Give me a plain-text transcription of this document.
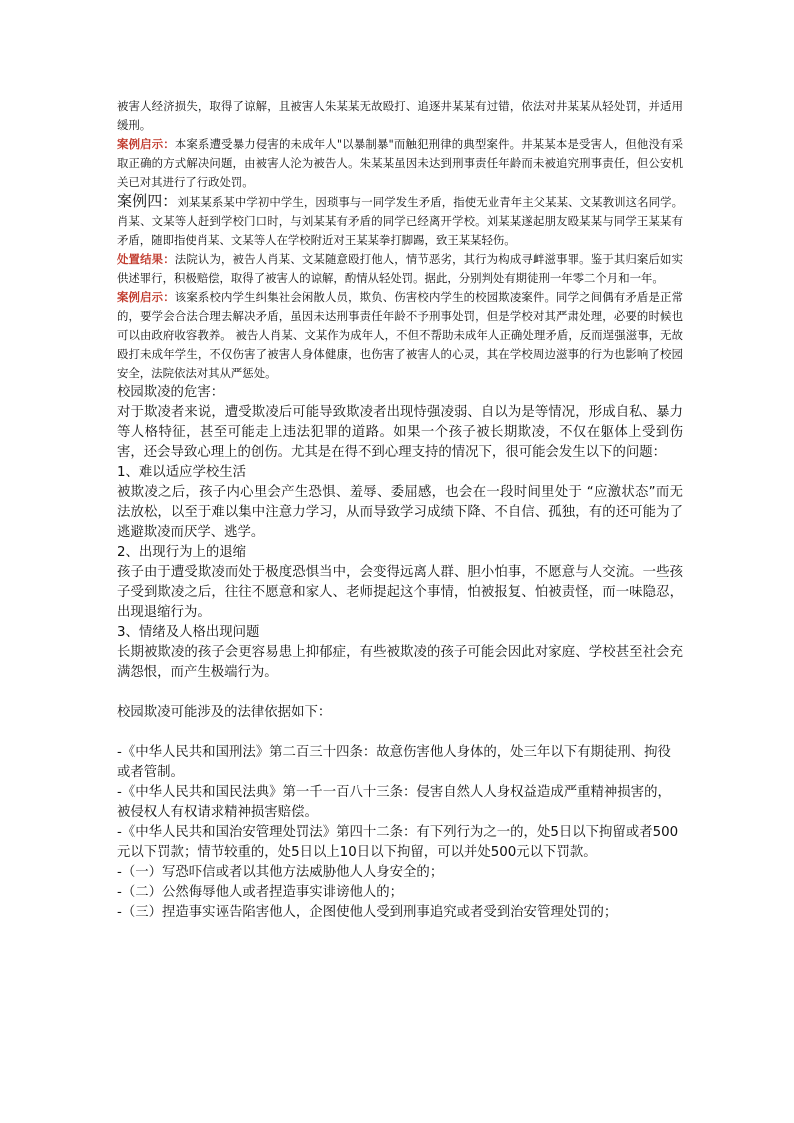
被害人经济损失，取得了谅解，且被害人朱某某无故殴打、追逐井某某有过错，依法对井某某从轻处罚，并适用缓刑。

案例启示：本案系遭受暴力侵害的未成年人"以暴制暴"而触犯刑律的典型案件。井某某本是受害人，但他没有采取正确的方式解决问题，由被害人沦为被告人。朱某某虽因未达到刑事责任年龄而未被追究刑事责任，但公安机关已对其进行了行政处罚。

案例四：刘某某系某中学初中学生，因琐事与一同学发生矛盾，指使无业青年主父某某、文某教训这名同学。肖某、文某等人赶到学校门口时，与刘某某有矛盾的同学已经离开学校。刘某某遂起朋友殴某某与同学王某某有矛盾，随即指使肖某、文某等人在学校附近对王某某拳打脚踢，致王某某轻伤。

处置结果：法院认为，被告人肖某、文某随意殴打他人，情节恶劣，其行为构成寻衅滋事罪。鉴于其归案后如实供述罪行，积极赔偿，取得了被害人的谅解，酌情从轻处罚。据此，分别判处有期徒刑一年零二个月和一年。

案例启示：该案系校内学生纠集社会闲散人员，欺负、伤害校内学生的校园欺凌案件。同学之间偶有矛盾是正常的，要学会合法合理去解决矛盾，虽因未达刑事责任年龄不予刑事处罚，但是学校对其严肃处理，必要的时候也可以由政府收容教养。 被告人肖某、文某作为成年人，不但不帮助未成年人正确处理矛盾，反而逞强滋事，无故殴打未成年学生，不仅伤害了被害人身体健康，也伤害了被害人的心灵，其在学校周边滋事的行为也影响了校园安全，法院依法对其从严惩处。

校园欺凌的危害：

对于欺凌者来说，遭受欺凌后可能导致欺凌者出现恃强凌弱、自以为是等情况，形成自私、暴力等人格特征，甚至可能走上违法犯罪的道路。如果一个孩子被长期欺凌，不仅在躯体上受到伤害，还会导致心理上的创伤。尤其是在得不到心理支持的情况下，很可能会发生以下的问题：

1、难以适应学校生活

被欺凌之后，孩子内心里会产生恐惧、羞辱、委屈感，也会在一段时间里处于 “应激状态”而无法放松，以至于难以集中注意力学习，从而导致学习成绩下降、不自信、孤独，有的还可能为了逃避欺凌而厌学、逃学。

2、出现行为上的退缩

孩子由于遭受欺凌而处于极度恐惧当中，会变得远离人群、胆小怕事，不愿意与人交流。一些孩子受到欺凌之后，往往不愿意和家人、老师提起这个事情，怕被报复、怕被责怪，而一味隐忍，出现退缩行为。

3、情绪及人格出现问题

长期被欺凌的孩子会更容易患上抑郁症，有些被欺凌的孩子可能会因此对家庭、学校甚至社会充满怨恨，而产生极端行为。

校园欺凌可能涉及的法律依据如下：

-《中华人民共和国刑法》第二百三十四条：故意伤害他人身体的，处三年以下有期徒刑、拘役或者管制。

-《中华人民共和国民法典》第一千一百八十三条：侵害自然人人身权益造成严重精神损害的，被侵权人有权请求精神损害赔偿。

-《中华人民共和国治安管理处罚法》第四十二条：有下列行为之一的，处5日以下拘留或者500元以下罚款；情节较重的，处5日以上10日以下拘留，可以并处500元以下罚款。

-（一）写恐吓信或者以其他方法威胁他人人身安全的；

-（二）公然侮辱他人或者捏造事实诽谤他人的；

-（三）捏造事实诬告陷害他人，企图使他人受到刑事追究或者受到治安管理处罚的；
